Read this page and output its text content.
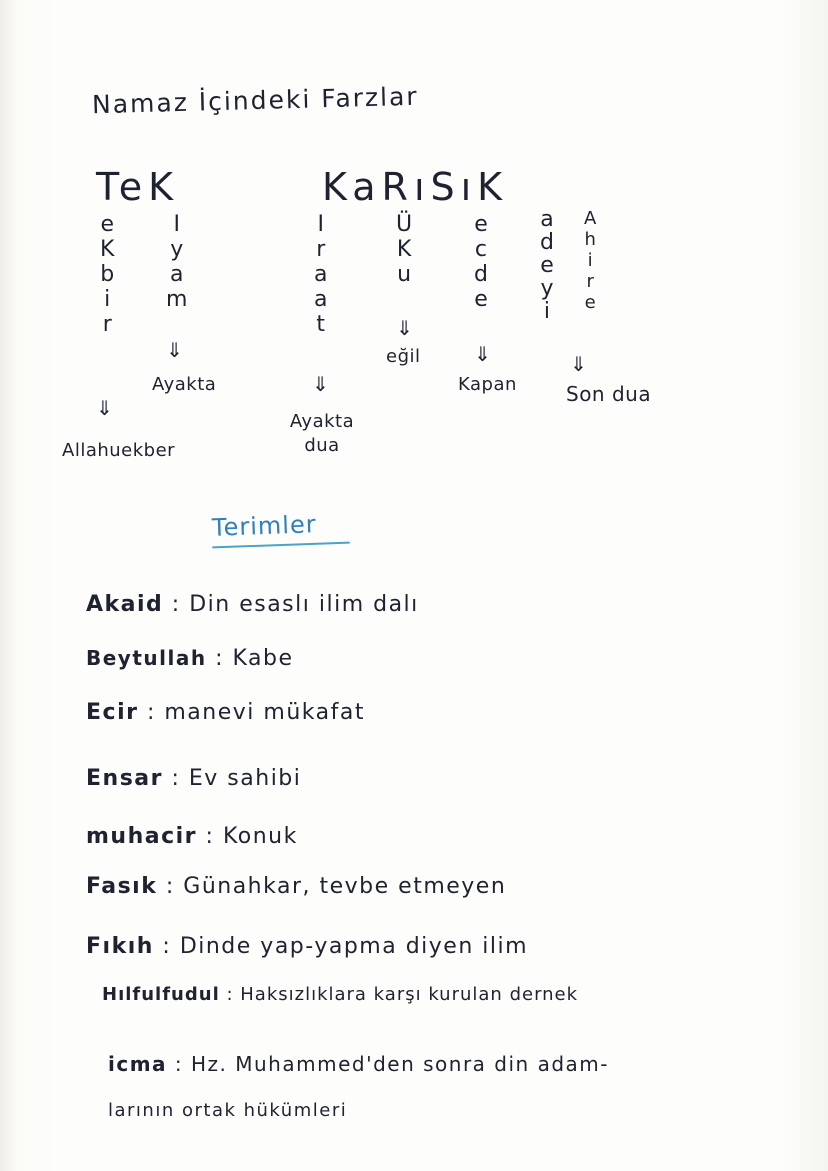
Namaz İçindeki Farzlar
TeK	KaRıSıK
e
K
b
i
r
⇓
Allahuekber
I
y
a
m
⇓
Ayakta
I
r
a
a
t
⇓
Ayakta dua
Ü
K
u
⇓
eğil
e
c
d
e
⇓
Kapan
a
d
e
y
i
A
h
i
r
e
⇓
Son dua
Terimler
Akaid : Din esaslı ilim dalı
Beytullah : Kabe
Ecir : manevi mükafat
Ensar : Ev sahibi
muhacir : Konuk
Fasık : Günahkar, tevbe etmeyen
Fıkıh : Dinde yap-yapma diyen ilim
Hılfulfudul : Haksızlıklara karşı kurulan dernek
icma : Hz. Muhammed'den sonra din adam-
larının ortak hükümleri
